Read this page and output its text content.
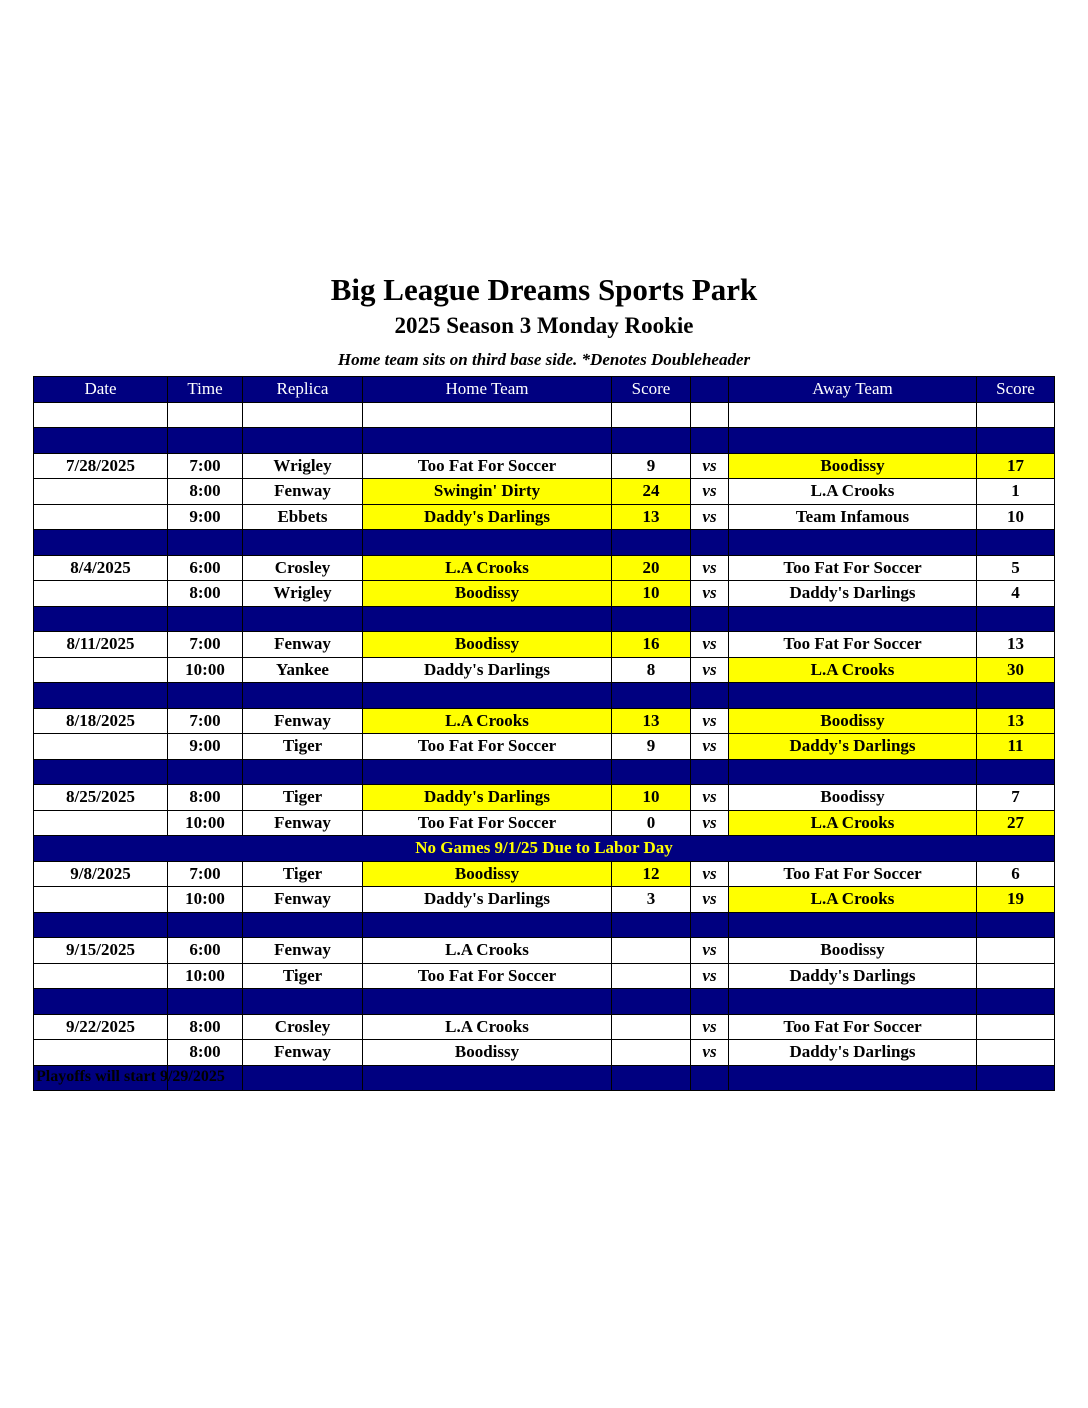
Big League Dreams Sports Park
2025 Season 3 Monday Rookie
Home team sits on third base side. *Denotes Doubleheader
Date	Time	Replica	Home Team	Score		Away Team	Score

7/28/2025	7:00	Wrigley	Too Fat For Soccer	9	vs	Boodissy	17
	8:00	Fenway	Swingin' Dirty	24	vs	L.A Crooks	1
	9:00	Ebbets	Daddy's Darlings	13	vs	Team Infamous	10

8/4/2025	6:00	Crosley	L.A Crooks	20	vs	Too Fat For Soccer	5
	8:00	Wrigley	Boodissy	10	vs	Daddy's Darlings	4

8/11/2025	7:00	Fenway	Boodissy	16	vs	Too Fat For Soccer	13
	10:00	Yankee	Daddy's Darlings	8	vs	L.A Crooks	30

8/18/2025	7:00	Fenway	L.A Crooks	13	vs	Boodissy	13
	9:00	Tiger	Too Fat For Soccer	9	vs	Daddy's Darlings	11

8/25/2025	8:00	Tiger	Daddy's Darlings	10	vs	Boodissy	7
	10:00	Fenway	Too Fat For Soccer	0	vs	L.A Crooks	27
No Games 9/1/25 Due to Labor Day							
9/8/2025	7:00	Tiger	Boodissy	12	vs	Too Fat For Soccer	6
	10:00	Fenway	Daddy's Darlings	3	vs	L.A Crooks	19

9/15/2025	6:00	Fenway	L.A Crooks		vs	Boodissy	
	10:00	Tiger	Too Fat For Soccer		vs	Daddy's Darlings	

9/22/2025	8:00	Crosley	L.A Crooks		vs	Too Fat For Soccer	
	8:00	Fenway	Boodissy		vs	Daddy's Darlings	

Playoffs will start 9/29/2025
